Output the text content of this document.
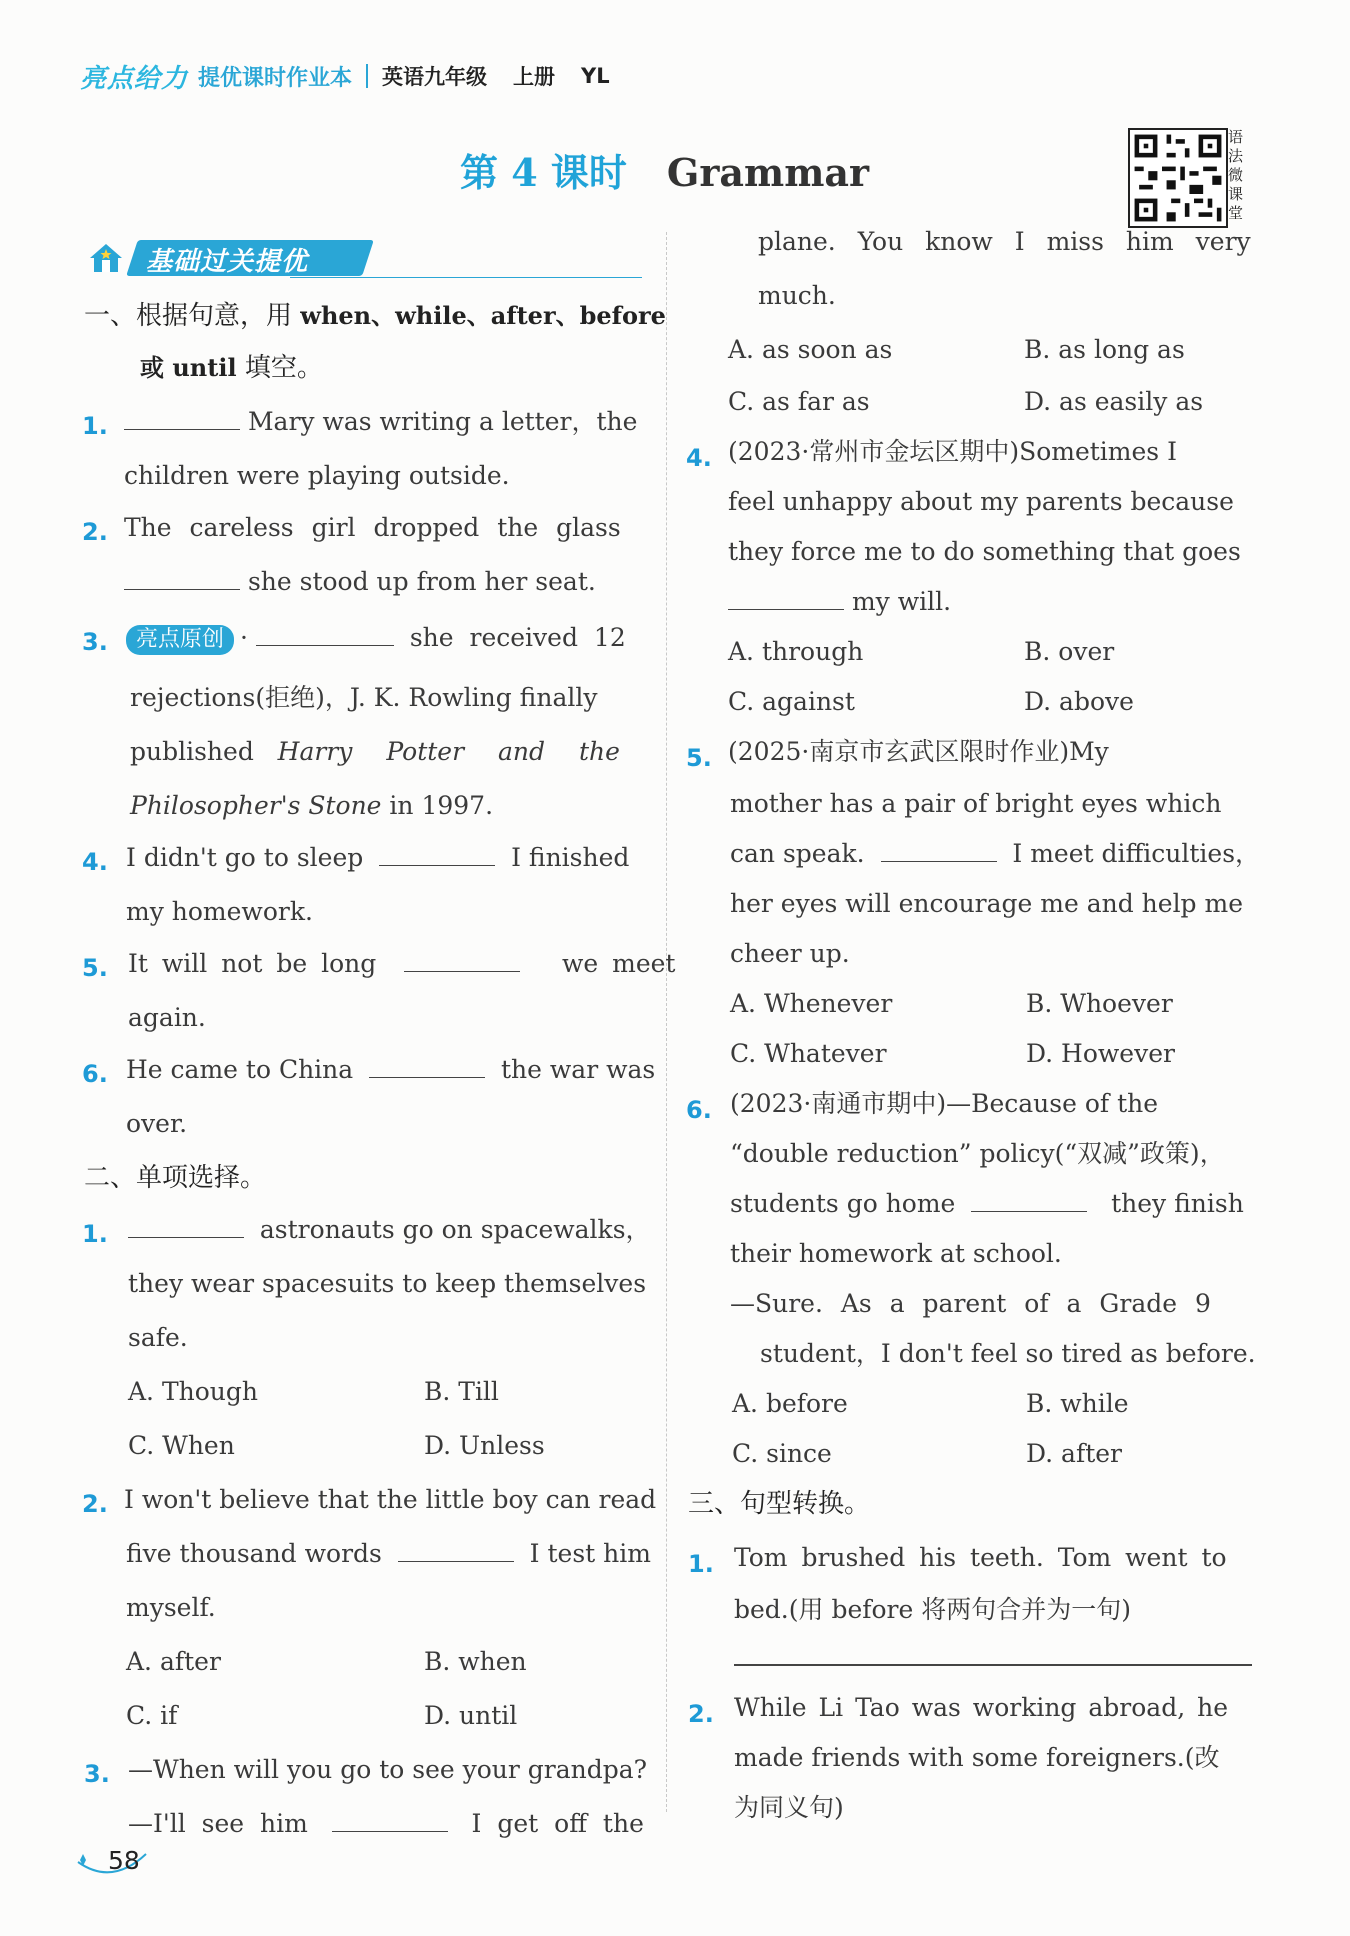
亮点给力 提优课时作业本 英语九年级 上册 YL
第 4 课时 Grammar
语法微课堂
基础过关提优
一、根据句意，用 when、while、after、before
或 until 填空。
1.	Mary was writing a letter，the
children were playing outside.
2. The careless girl dropped the glass
she stood up from her seat.
3.	亮点原创 ·	she received 12
rejections(拒绝)，J. K. Rowling finally
published Harry Potter and the
Philosopher's Stone in 1997.
4. I didn't go to sleep	I finished
my homework.
5. It will not be long	we meet
again.
6. He came to China	the war was
over.
二、单项选择。
1.	astronauts go on spacewalks，
they wear spacesuits to keep themselves
safe.
A. Though	B. Till
C. When	D. Unless
2. I won't believe that the little boy can read
five thousand words	I test him
myself.
A. after	B. when
C. if	D. until
3. —When will you go to see your grandpa?
—I'll see him	I get off the
plane. You know I miss him very
much.
A. as soon as	B. as long as
C. as far as	D. as easily as
4. (2023·常州市金坛区期中)Sometimes I
feel unhappy about my parents because
they force me to do something that goes
my will.
A. through	B. over
C. against	D. above
5. (2025·南京市玄武区限时作业)My
mother has a pair of bright eyes which
can speak.	I meet difficulties，
her eyes will encourage me and help me
cheer up.
A. Whenever	B. Whoever
C. Whatever	D. However
6. (2023·南通市期中)—Because of the
“double reduction” policy(“双减”政策)，
students go home	they finish
their homework at school.
—Sure. As a parent of a Grade 9
student，I don't feel so tired as before.
A. before	B. while
C. since	D. after
三、句型转换。
1. Tom brushed his teeth. Tom went to
bed.(用 before 将两句合并为一句)
2. While Li Tao was working abroad, he
made friends with some foreigners.(改
为同义句)
58
